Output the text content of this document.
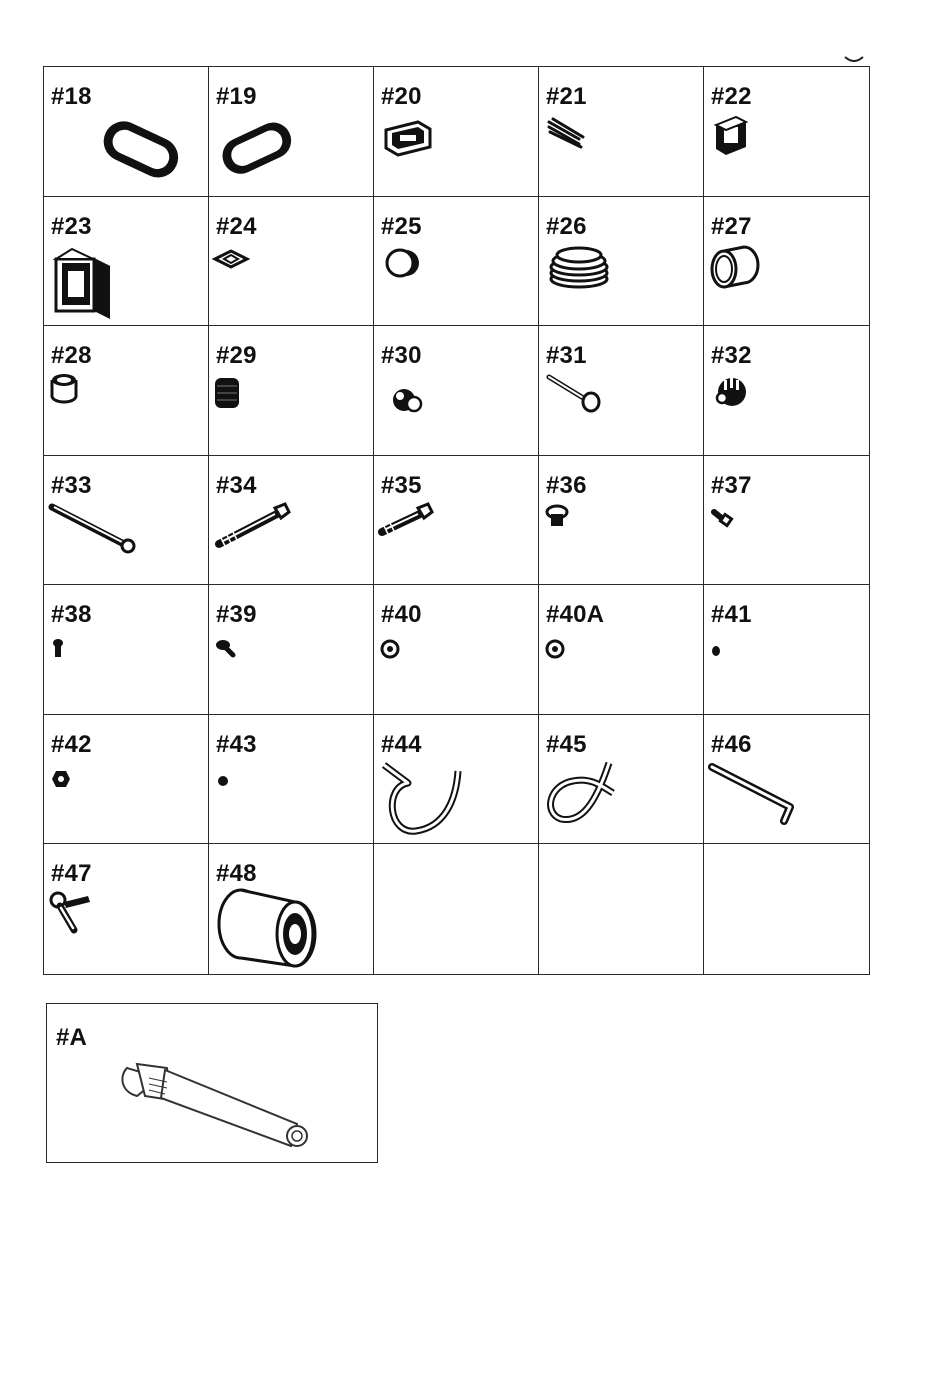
#18	#19	#20	#21	#22
#23	#24	#25	#26	#27
#28	#29	#30	#31	#32
#33	#34	#35	#36	#37
#38	#39	#40	#40A	#41
#42	#43	#44	#45	#46
#47	#48
#A
